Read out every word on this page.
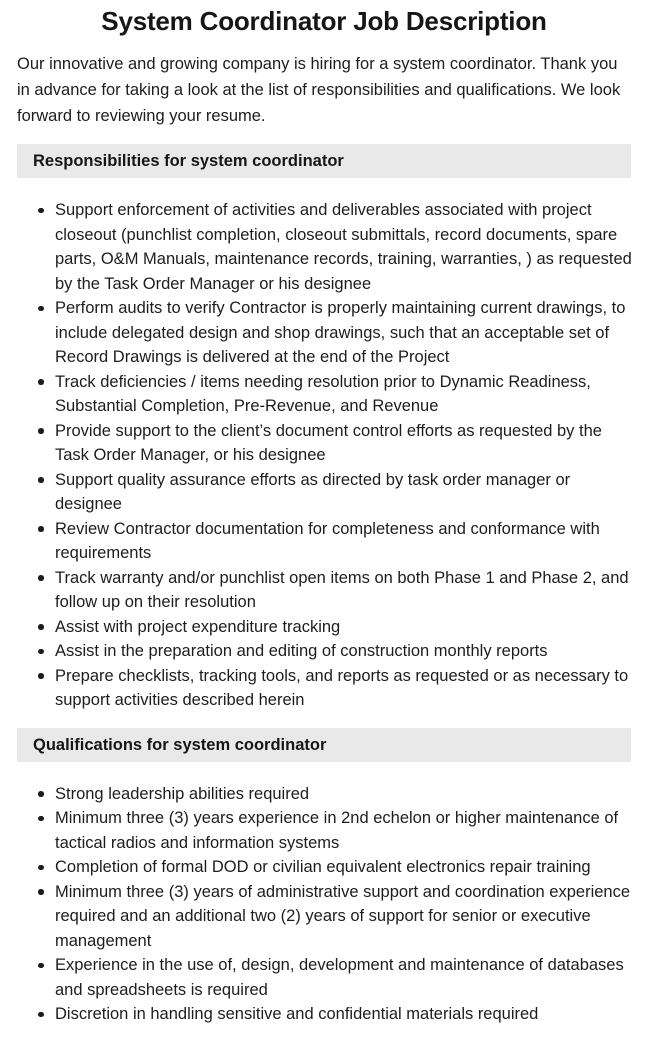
System Coordinator Job Description

Our innovative and growing company is hiring for a system coordinator. Thank you in advance for taking a look at the list of responsibilities and qualifications. We look forward to reviewing your resume.

Responsibilities for system coordinator
Support enforcement of activities and deliverables associated with project closeout (punchlist completion, closeout submittals, record documents, spare parts, O&M Manuals, maintenance records, training, warranties, ) as requested by the Task Order Manager or his designee
Perform audits to verify Contractor is properly maintaining current drawings, to include delegated design and shop drawings, such that an acceptable set of Record Drawings is delivered at the end of the Project
Track deficiencies / items needing resolution prior to Dynamic Readiness, Substantial Completion, Pre-Revenue, and Revenue
Provide support to the client’s document control efforts as requested by the Task Order Manager, or his designee
Support quality assurance efforts as directed by task order manager or designee
Review Contractor documentation for completeness and conformance with requirements
Track warranty and/or punchlist open items on both Phase 1 and Phase 2, and follow up on their resolution
Assist with project expenditure tracking
Assist in the preparation and editing of construction monthly reports
Prepare checklists, tracking tools, and reports as requested or as necessary to support activities described herein
Qualifications for system coordinator
Strong leadership abilities required
Minimum three (3) years experience in 2nd echelon or higher maintenance of tactical radios and information systems
Completion of formal DOD or civilian equivalent electronics repair training
Minimum three (3) years of administrative support and coordination experience required and an additional two (2) years of support for senior or executive management
Experience in the use of, design, development and maintenance of databases and spreadsheets is required
Discretion in handling sensitive and confidential materials required
